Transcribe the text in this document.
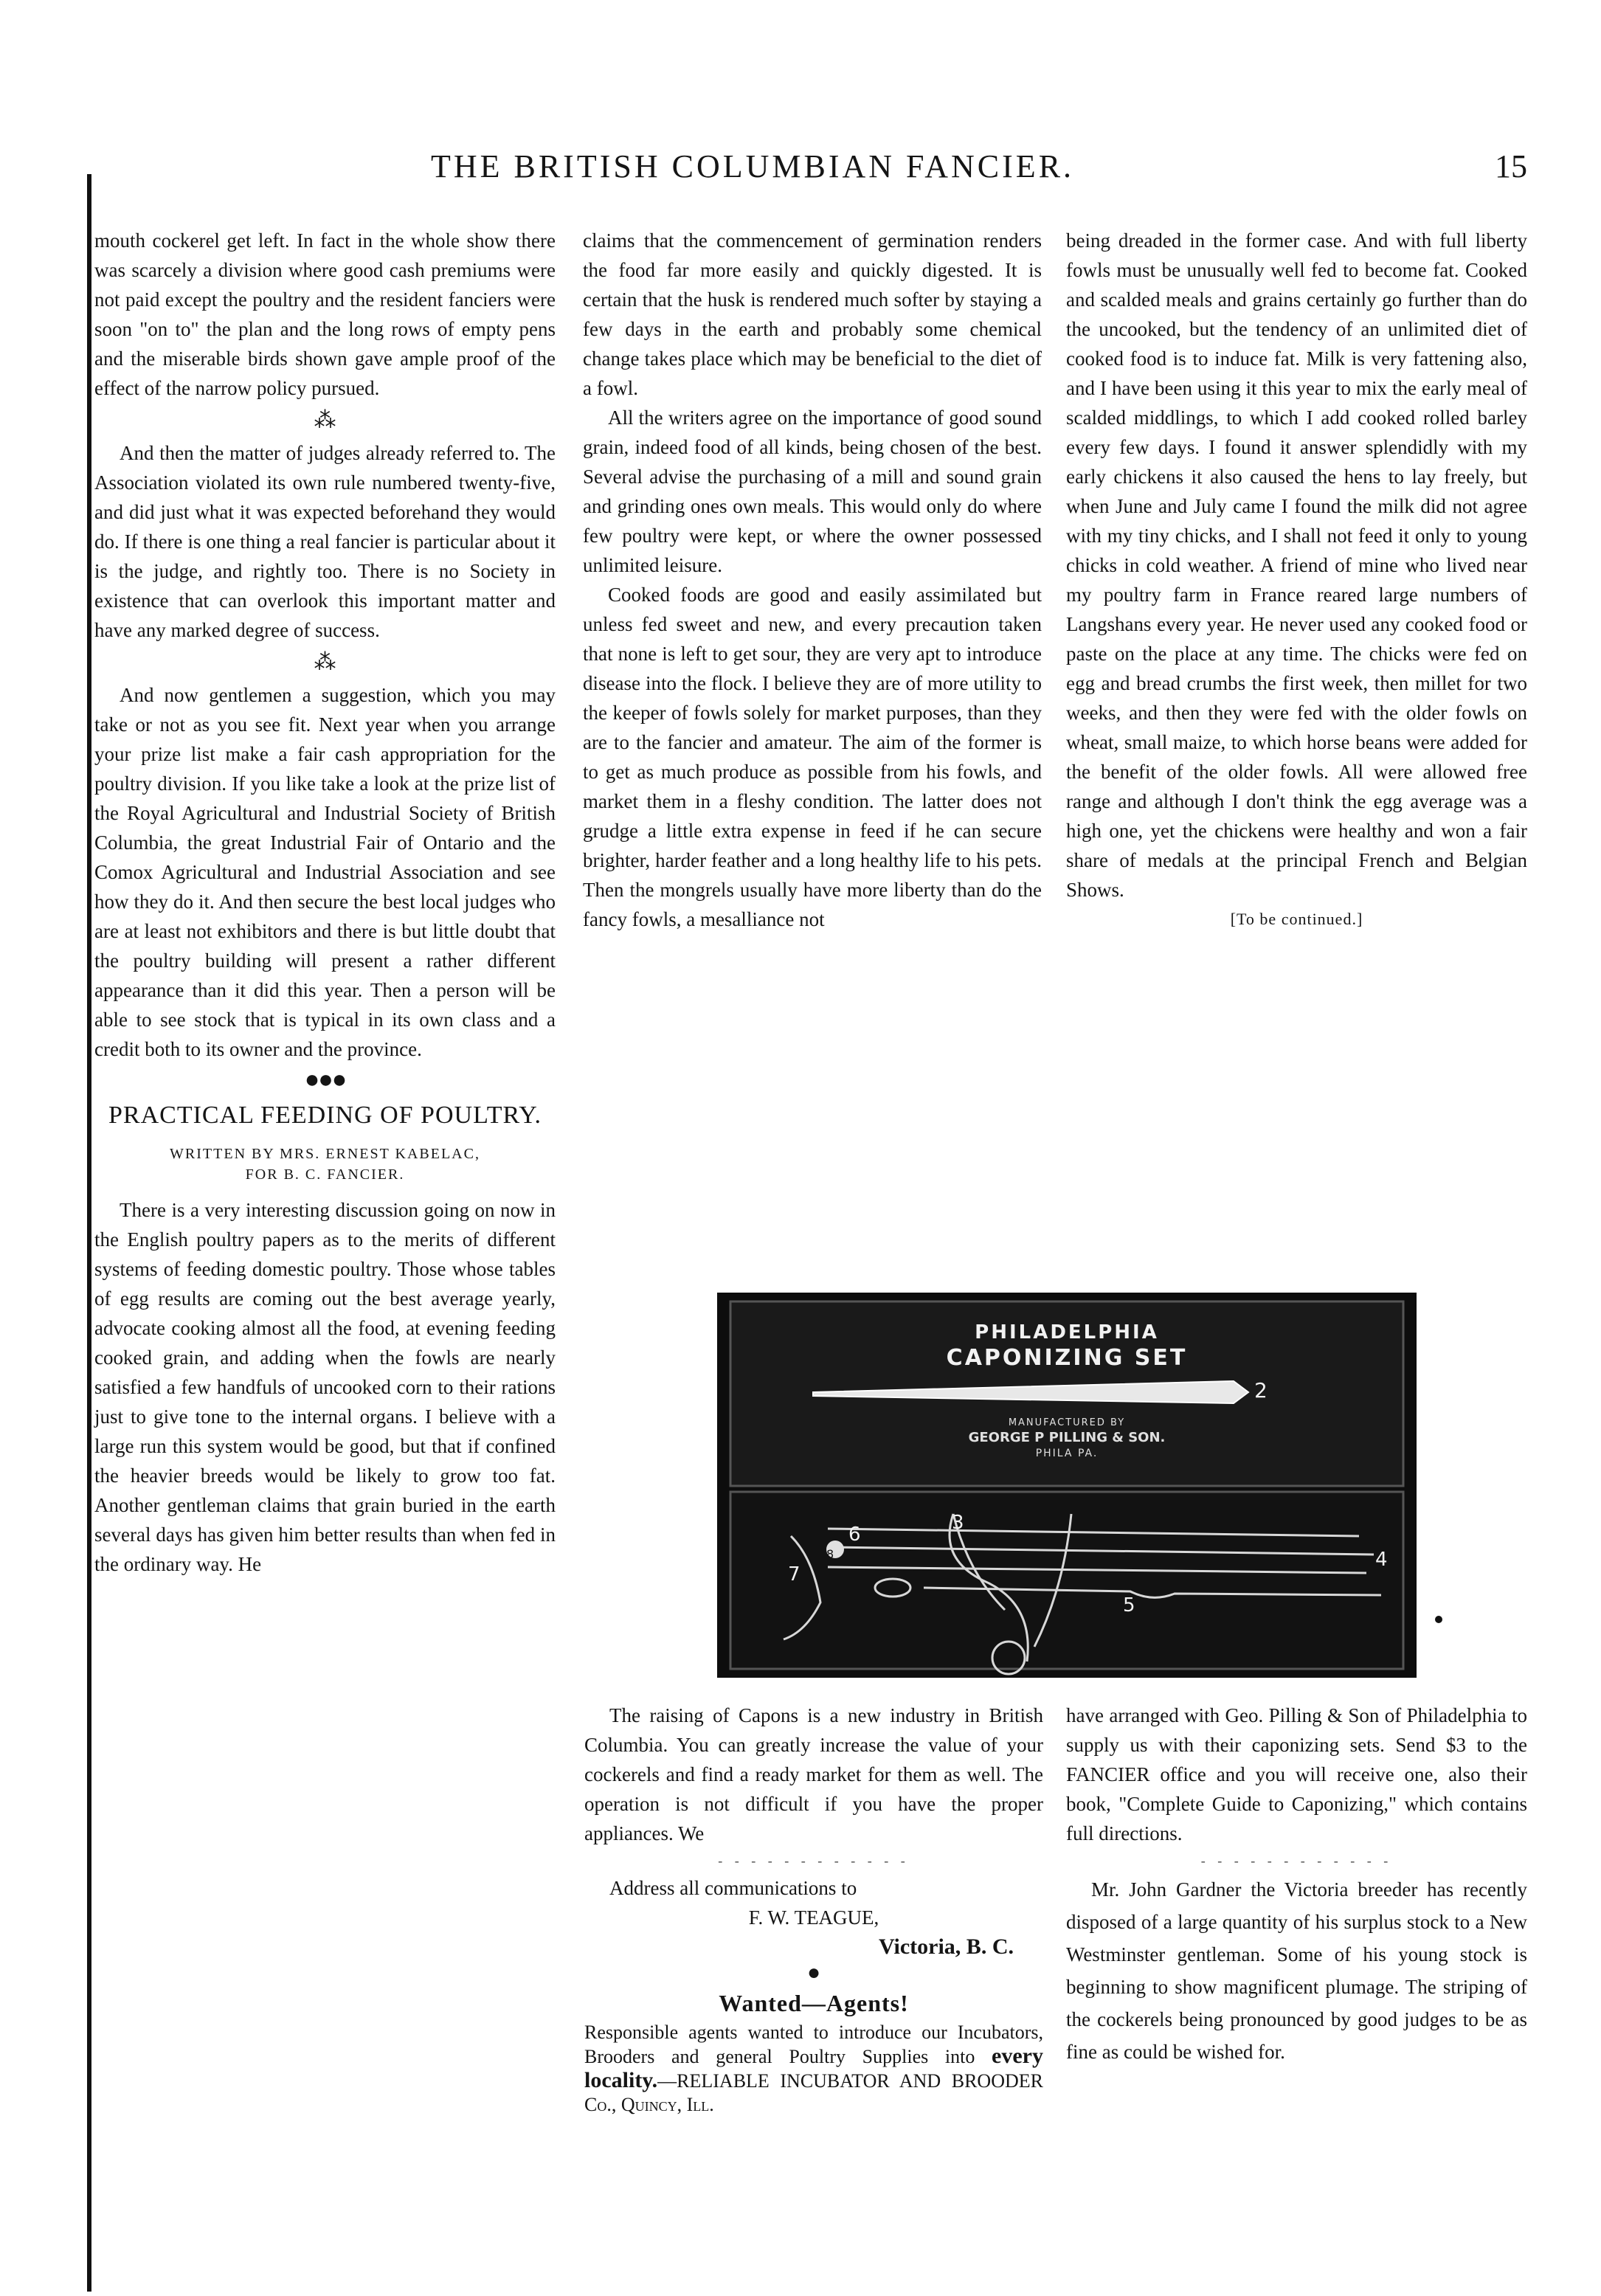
THE BRITISH COLUMBIAN FANCIER.	15

mouth cockerel get left. In fact in the whole show there was scarcely a division where good cash premiums were not paid except the poultry and the resident fanciers were soon "on to" the plan and the long rows of empty pens and the miserable birds shown gave ample proof of the effect of the narrow policy pursued.

⁂

And then the matter of judges already referred to. The Association violated its own rule numbered twenty-five, and did just what it was expected beforehand they would do. If there is one thing a real fancier is particular about it is the judge, and rightly too. There is no Society in existence that can overlook this important matter and have any marked degree of success.

⁂

And now gentlemen a suggestion, which you may take or not as you see fit. Next year when you arrange your prize list make a fair cash appropriation for the poultry division. If you like take a look at the prize list of the Royal Agricultural and Industrial Society of British Columbia, the great Industrial Fair of Ontario and the Comox Agricultural and Industrial Association and see how they do it. And then secure the best local judges who are at least not exhibitors and there is but little doubt that the poultry building will present a rather different appearance than it did this year. Then a person will be able to see stock that is typical in its own class and a credit both to its owner and the province.

●●●
PRACTICAL FEEDING OF POULTRY.
WRITTEN BY MRS. ERNEST KABELAC,
FOR B. C. FANCIER.

There is a very interesting discussion going on now in the English poultry papers as to the merits of different systems of feeding domestic poultry. Those whose tables of egg results are coming out the best average yearly, advocate cooking almost all the food, at evening feeding cooked grain, and adding when the fowls are nearly satisfied a few handfuls of uncooked corn to their rations just to give tone to the internal organs. I believe with a large run this system would be good, but that if confined the heavier breeds would be likely to grow too fat. Another gentleman claims that grain buried in the earth several days has given him better results than when fed in the ordinary way. He

claims that the commencement of germination renders the food far more easily and quickly digested. It is certain that the husk is rendered much softer by staying a few days in the earth and probably some chemical change takes place which may be beneficial to the diet of a fowl.

All the writers agree on the importance of good sound grain, indeed food of all kinds, being chosen of the best. Several advise the purchasing of a mill and sound grain and grinding ones own meals. This would only do where few poultry were kept, or where the owner possessed unlimited leisure.

Cooked foods are good and easily assimilated but unless fed sweet and new, and every precaution taken that none is left to get sour, they are very apt to introduce disease into the flock. I believe they are of more utility to the keeper of fowls solely for market purposes, than they are to the fancier and amateur. The aim of the former is to get as much produce as possible from his fowls, and market them in a fleshy condition. The latter does not grudge a little extra expense in feed if he can secure brighter, harder feather and a long healthy life to his pets. Then the mongrels usually have more liberty than do the fancy fowls, a mesalliance not

being dreaded in the former case. And with full liberty fowls must be unusually well fed to become fat. Cooked and scalded meals and grains certainly go further than do the uncooked, but the tendency of an unlimited diet of cooked food is to induce fat. Milk is very fattening also, and I have been using it this year to mix the early meal of scalded middlings, to which I add cooked rolled barley every few days. I found it answer splendidly with my early chickens it also caused the hens to lay freely, but when June and July came I found the milk did not agree with my tiny chicks, and I shall not feed it only to young chicks in cold weather. A friend of mine who lived near my poultry farm in France reared large numbers of Langshans every year. He never used any cooked food or paste on the place at any time. The chicks were fed on egg and bread crumbs the first week, then millet for two weeks, and then they were fed with the older fowls on wheat, small maize, to which horse beans were added for the benefit of the older fowls. All were allowed free range and although I don't think the egg average was a high one, yet the chickens were healthy and won a fair share of medals at the principal French and Belgian Shows.

[To be continued.]
PHILADELPHIA
CAPONIZING SET
2
MANUFACTURED BY
GEORGE P PILLING & SON.
PHILA PA.
3
4
5
6
7
8

The raising of Capons is a new industry in British Columbia. You can greatly increase the value of your cockerels and find a ready market for them as well. The operation is not difficult if you have the proper appliances. We

- - - - - - - - - - - -
Address all communications to
F. W. TEAGUE,
Victoria, B. C.
●
Wanted—Agents!
Responsible agents wanted to introduce our Incubators, Brooders and general Poultry Supplies into every locality.—RELIABLE INCUBATOR AND BROODER Co., Quincy, Ill.

have arranged with Geo. Pilling & Son of Philadelphia to supply us with their caponizing sets. Send $3 to the FANCIER office and you will receive one, also their book, "Complete Guide to Caponizing," which contains full directions.

- - - - - - - - - - - -

Mr. John Gardner the Victoria breeder has recently disposed of a large quantity of his surplus stock to a New Westminster gentleman. Some of his young stock is beginning to show magnificent plumage. The striping of the cockerels being pronounced by good judges to be as fine as could be wished for.
